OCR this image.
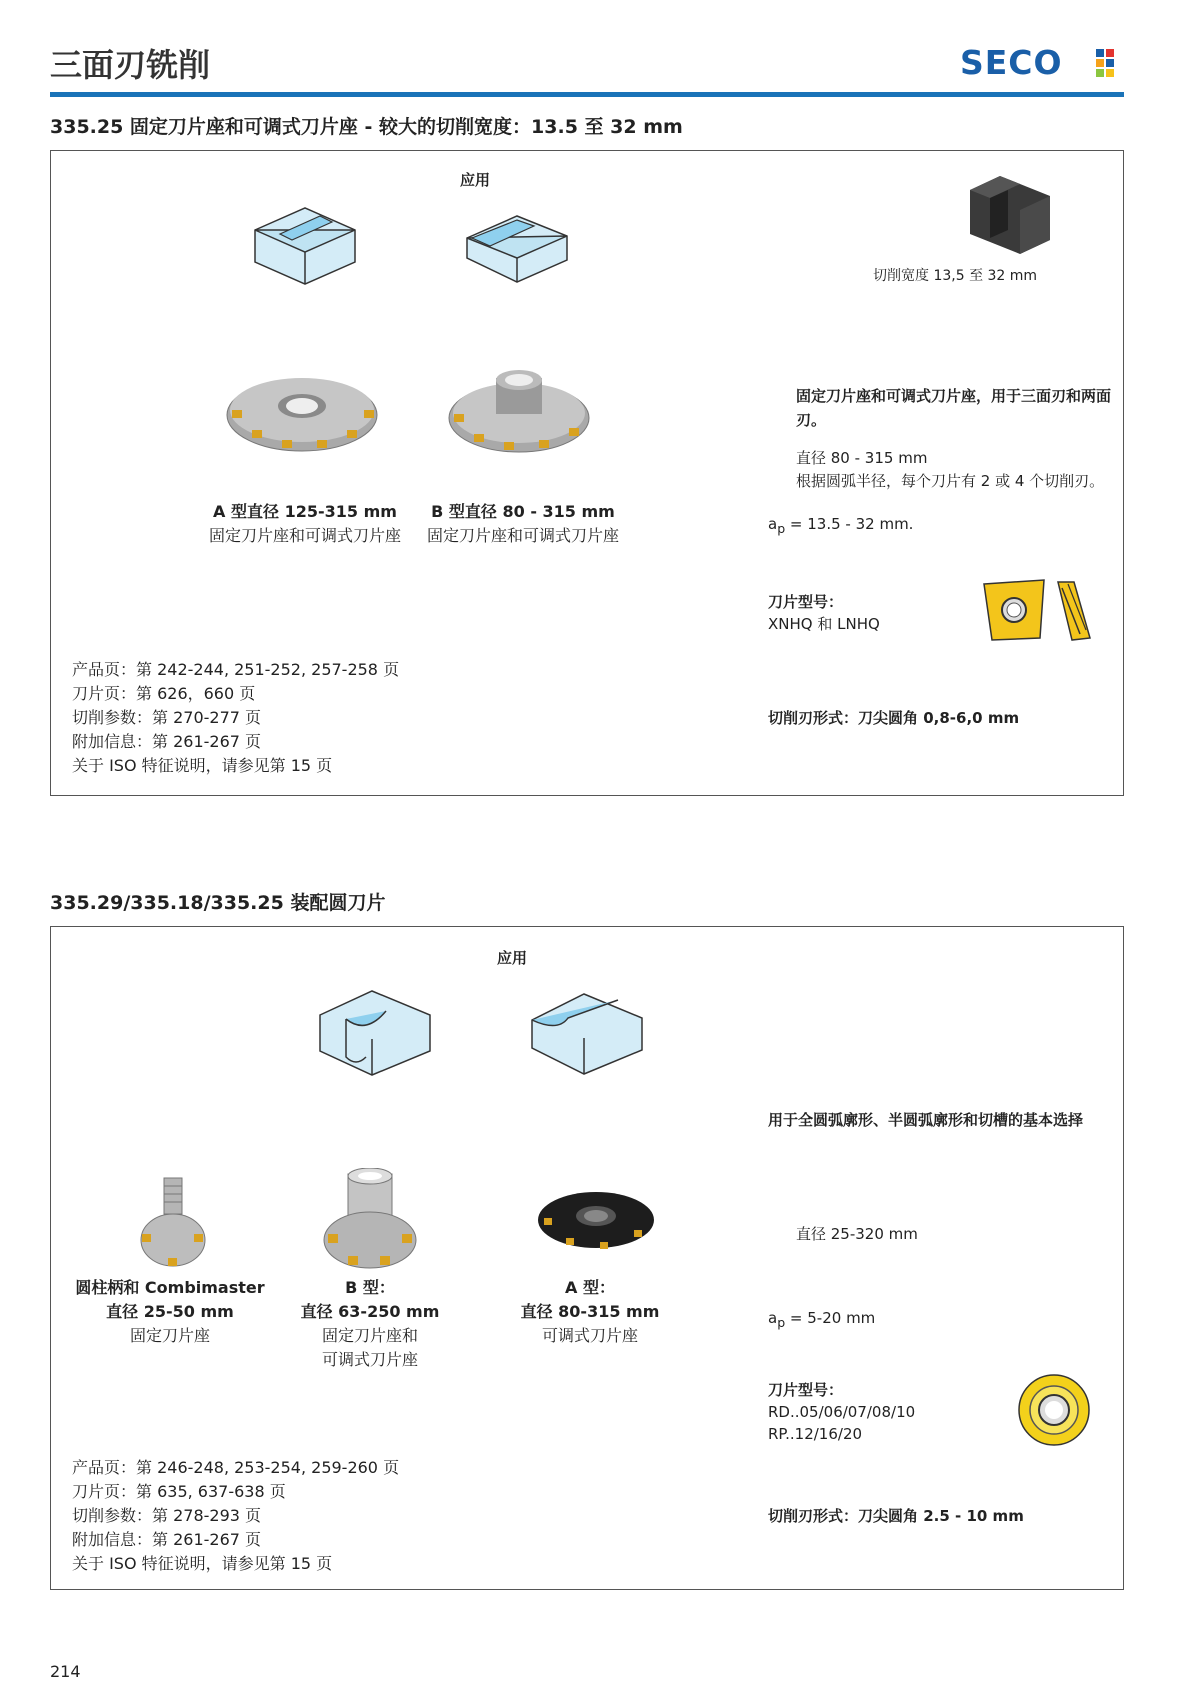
三面刃铣削	SECO
335.25 固定刀片座和可调式刀片座 - 较大的切削宽度：13.5 至 32 mm
应用
切削宽度 13,5 至 32 mm
A 型直径 125-315 mm
固定刀片座和可调式刀片座
B 型直径 80 - 315 mm
固定刀片座和可调式刀片座
固定刀片座和可调式刀片座，用于三面刃和两面刃。
直径 80 - 315 mm
根据圆弧半径，每个刀片有 2 或 4 个切削刃。
$a_p = 13.5 - 32$ mm.
刀片型号：
XNHQ 和 LNHQ
产品页：第 242-244, 251-252, 257-258 页
刀片页：第 626，660 页
切削参数：第 270-277 页
附加信息：第 261-267 页
关于 ISO 特征说明，请参见第 15 页
切削刃形式：刀尖圆角 0,8-6,0 mm
335.29/335.18/335.25 装配圆刀片
应用
用于全圆弧廓形、半圆弧廓形和切槽的基本选择
直径 25-320 mm
$a_p = 5-20$ mm
圆柱柄和 Combimaster
直径 25-50 mm
固定刀片座
B 型：
直径 63-250 mm
固定刀片座和
可调式刀片座
A 型：
直径 80-315 mm
可调式刀片座
刀片型号：
RD..05/06/07/08/10
RP..12/16/20
产品页：第 246-248, 253-254, 259-260 页
刀片页：第 635, 637-638 页
切削参数：第 278-293 页
附加信息：第 261-267 页
关于 ISO 特征说明，请参见第 15 页
切削刃形式：刀尖圆角 2.5 - 10 mm
214
